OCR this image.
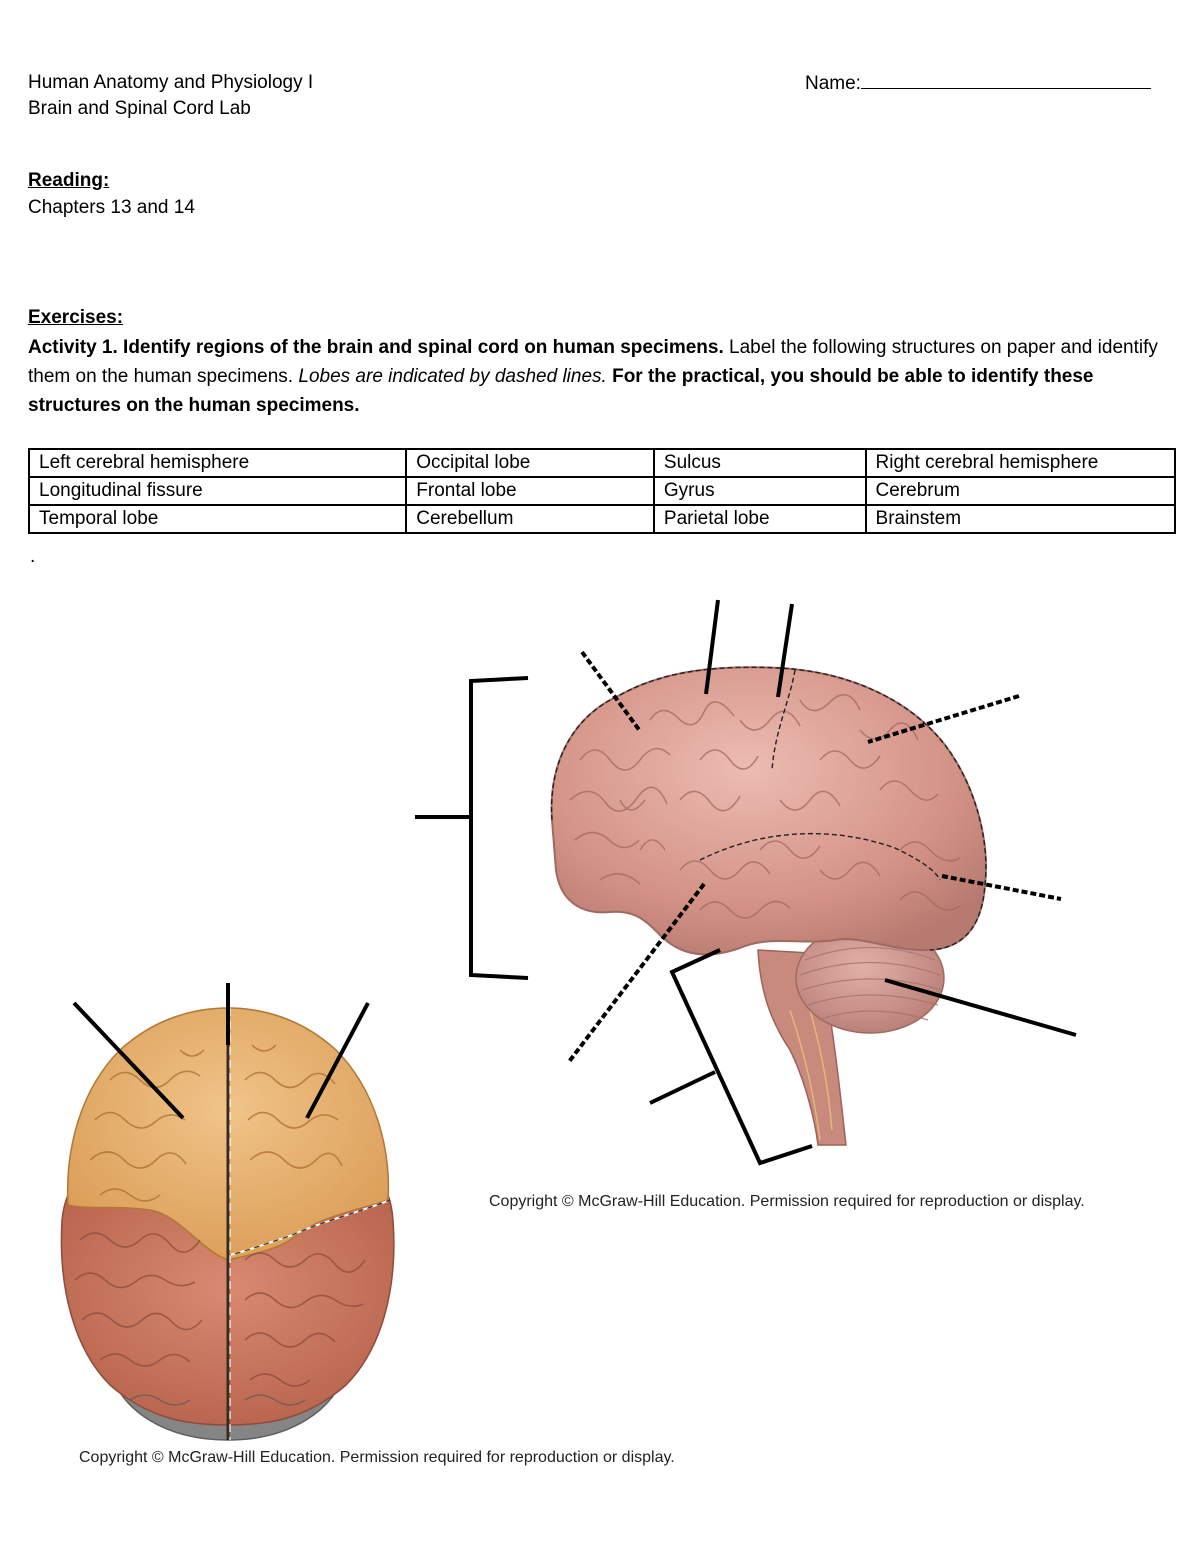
Human Anatomy and Physiology I
Brain and Spinal Cord Lab
Name:
Reading:
Chapters 13 and 14
Exercises:
Activity 1. Identify regions of the brain and spinal cord on human specimens. Label the following structures on paper and identify them on the human specimens. Lobes are indicated by dashed lines. For the practical, you should be able to identify these structures on the human specimens.
Left cerebral hemisphere	Occipital lobe	Sulcus	Right cerebral hemisphere
Longitudinal fissure	Frontal lobe	Gyrus	Cerebrum
Temporal lobe	Cerebellum	Parietal lobe	Brainstem
.
Copyright © McGraw-Hill Education. Permission required for reproduction or display.
Copyright © McGraw-Hill Education. Permission required for reproduction or display.
